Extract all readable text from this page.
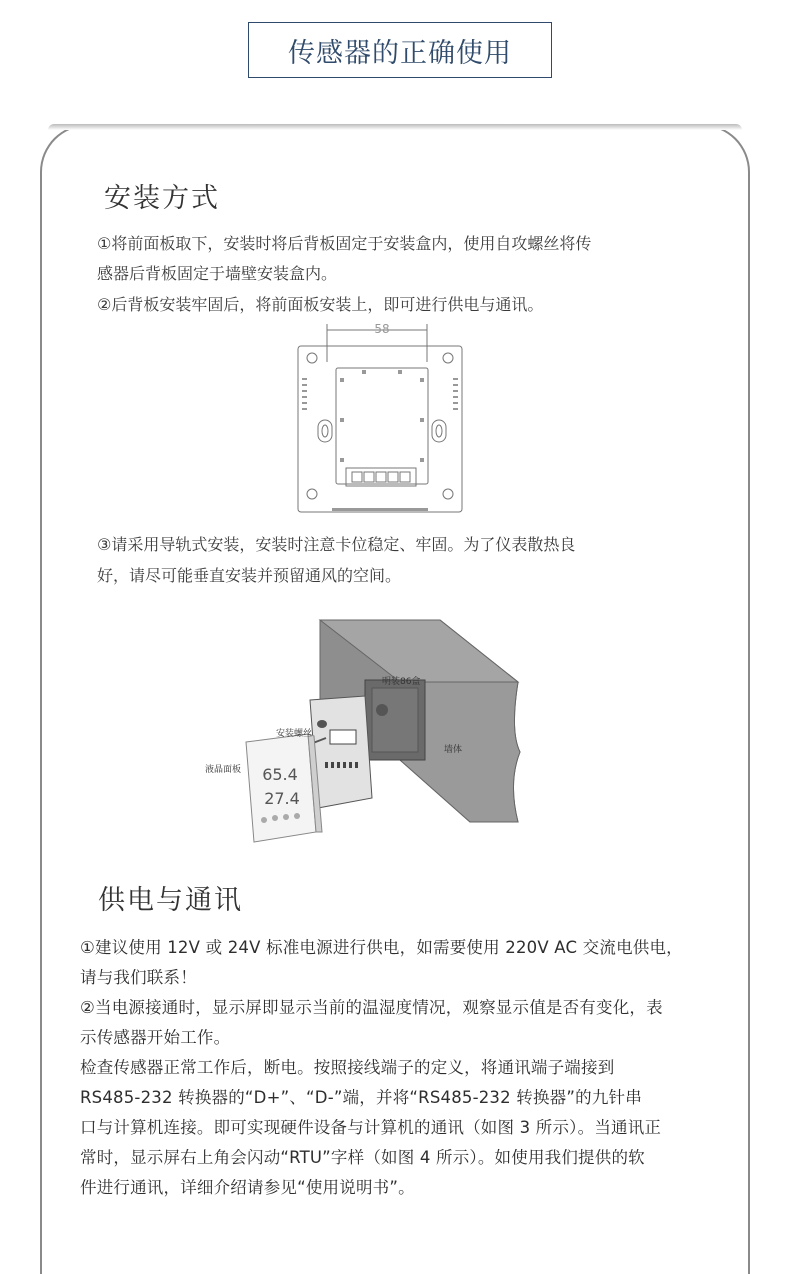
传感器的正确使用
安装方式
①将前面板取下，安装时将后背板固定于安装盒内，使用自攻螺丝将传
感器后背板固定于墙壁安装盒内。
②后背板安装牢固后，将前面板安装上，即可进行供电与通讯。
58
③请采用导轨式安装，安装时注意卡位稳定、牢固。为了仪表散热良
好，请尽可能垂直安装并预留通风的空间。
65.4
27.4
明装86盒
安装螺丝
液晶面板
墙体
供电与通讯
①建议使用 12V 或 24V 标准电源进行供电，如需要使用 220V AC 交流电供电，
请与我们联系！
②当电源接通时，显示屏即显示当前的温湿度情况，观察显示值是否有变化，表
示传感器开始工作。
检查传感器正常工作后，断电。按照接线端子的定义，将通讯端子端接到
RS485-232 转换器的“D+”、“D-”端，并将“RS485-232 转换器”的九针串
口与计算机连接。即可实现硬件设备与计算机的通讯（如图 3 所示）。当通讯正
常时，显示屏右上角会闪动“RTU”字样（如图 4 所示）。如使用我们提供的软
件进行通讯，详细介绍请参见“使用说明书”。
